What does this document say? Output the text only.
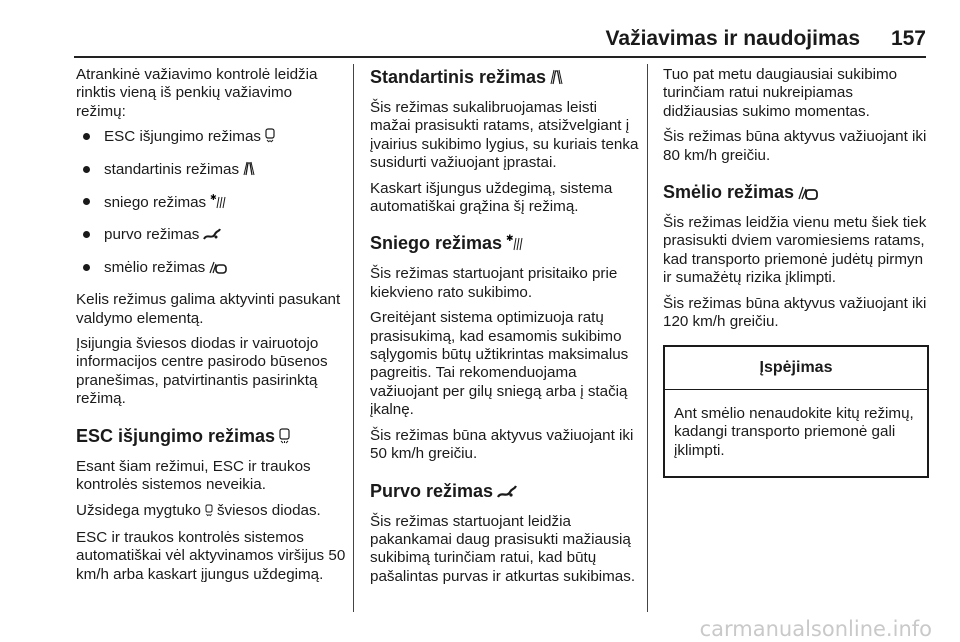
Važiavimas ir naudojimas 157

Atrankinė važiavimo kontrolė leidžia rinktis vieną iš penkių važiavimo režimų:

ESC išjungimo režimas
standartinis režimas
sniego režimas ✱
purvo režimas
smėlio režimas

Kelis režimus galima aktyvinti pasukant valdymo elementą.

Įsijungia šviesos diodas ir vairuotojo informacijos centre pasirodo būsenos pranešimas, patvirtinantis pasirinktą režimą.

ESC išjungimo režimas

Esant šiam režimui, ESC ir traukos kontrolės sistemos neveikia.

Užsidega mygtuko šviesos diodas.

ESC ir traukos kontrolės sistemos automatiškai vėl aktyvinamos viršijus 50 km/h arba kaskart įjungus uždegimą.

Standartinis režimas

Šis režimas sukalibruojamas leisti mažai prasisukti ratams, atsižvelgiant į įvairius sukibimo lygius, su kuriais tenka susidurti važiuojant įprastai.

Kaskart išjungus uždegimą, sistema automatiškai grąžina šį režimą.

Sniego režimas ✱

Šis režimas startuojant prisitaiko prie kiekvieno rato sukibimo.

Greitėjant sistema optimizuoja ratų prasisukimą, kad esamomis sukibimo sąlygomis būtų užtikrintas maksimalus pagreitis. Tai rekomenduojama važiuojant per gilų sniegą arba į stačią įkalnę.

Šis režimas būna aktyvus važiuojant iki 50 km/h greičiu.

Purvo režimas

Šis režimas startuojant leidžia pakankamai daug prasisukti mažiausią sukibimą turinčiam ratui, kad būtų pašalintas purvas ir atkurtas sukibimas.

Tuo pat metu daugiausiai sukibimo turinčiam ratui nukreipiamas didžiausias sukimo momentas.

Šis režimas būna aktyvus važiuojant iki 80 km/h greičiu.

Smėlio režimas

Šis režimas leidžia vienu metu šiek tiek prasisukti dviem varomiesiems ratams, kad transporto priemonė judėtų pirmyn ir sumažėtų rizika įklimpti.

Šis režimas būna aktyvus važiuojant iki 120 km/h greičiu.

Įspėjimas
Ant smėlio nenaudokite kitų režimų, kadangi transporto priemonė gali įklimpti.
carmanualsonline.info
